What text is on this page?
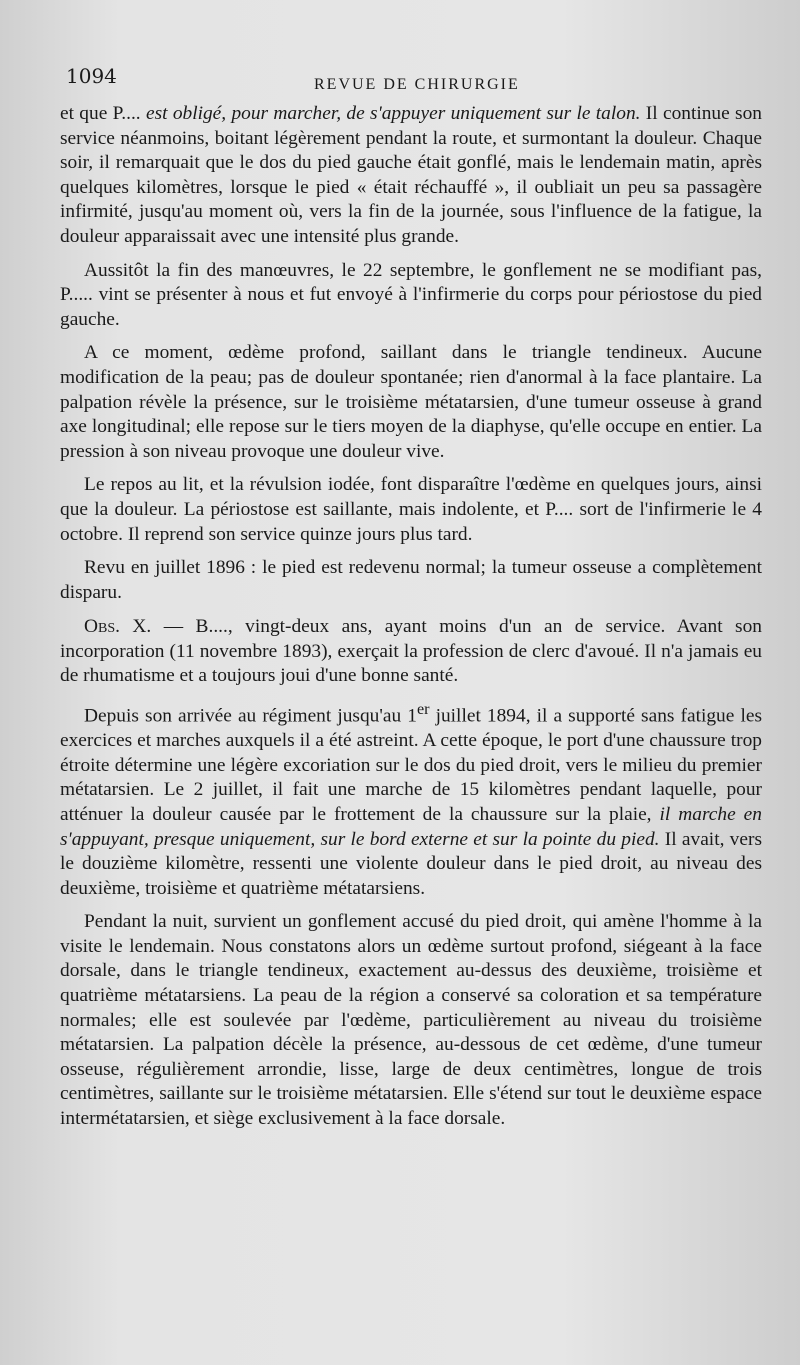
1094	REVUE DE CHIRURGIE

et que P.... est obligé, pour marcher, de s'appuyer uniquement sur le talon. Il continue son service néanmoins, boitant légèrement pendant la route, et surmontant la douleur. Chaque soir, il remarquait que le dos du pied gauche était gonflé, mais le lendemain matin, après quelques kilomètres, lorsque le pied « était réchauffé », il oubliait un peu sa passagère infirmité, jusqu'au moment où, vers la fin de la journée, sous l'influence de la fatigue, la douleur apparaissait avec une intensité plus grande.

Aussitôt la fin des manœuvres, le 22 septembre, le gonflement ne se modifiant pas, P..... vint se présenter à nous et fut envoyé à l'infirmerie du corps pour périostose du pied gauche.

A ce moment, œdème profond, saillant dans le triangle tendineux. Aucune modification de la peau; pas de douleur spontanée; rien d'anormal à la face plantaire. La palpation révèle la présence, sur le troisième métatarsien, d'une tumeur osseuse à grand axe longitudinal; elle repose sur le tiers moyen de la diaphyse, qu'elle occupe en entier. La pression à son niveau provoque une douleur vive.

Le repos au lit, et la révulsion iodée, font disparaître l'œdème en quelques jours, ainsi que la douleur. La périostose est saillante, mais indolente, et P.... sort de l'infirmerie le 4 octobre. Il reprend son service quinze jours plus tard.

Revu en juillet 1896 : le pied est redevenu normal; la tumeur osseuse a complètement disparu.

Obs. X. — B...., vingt-deux ans, ayant moins d'un an de service. Avant son incorporation (11 novembre 1893), exerçait la profession de clerc d'avoué. Il n'a jamais eu de rhumatisme et a toujours joui d'une bonne santé.

Depuis son arrivée au régiment jusqu'au 1er juillet 1894, il a supporté sans fatigue les exercices et marches auxquels il a été astreint. A cette époque, le port d'une chaussure trop étroite détermine une légère excoriation sur le dos du pied droit, vers le milieu du premier métatarsien. Le 2 juillet, il fait une marche de 15 kilomètres pendant laquelle, pour atténuer la douleur causée par le frottement de la chaussure sur la plaie, il marche en s'appuyant, presque uniquement, sur le bord externe et sur la pointe du pied. Il avait, vers le douzième kilomètre, ressenti une violente douleur dans le pied droit, au niveau des deuxième, troisième et quatrième métatarsiens.

Pendant la nuit, survient un gonflement accusé du pied droit, qui amène l'homme à la visite le lendemain. Nous constatons alors un œdème surtout profond, siégeant à la face dorsale, dans le triangle tendineux, exactement au-dessus des deuxième, troisième et quatrième métatarsiens. La peau de la région a conservé sa coloration et sa température normales; elle est soulevée par l'œdème, particulièrement au niveau du troisième métatarsien. La palpation décèle la présence, au-dessous de cet œdème, d'une tumeur osseuse, régulièrement arrondie, lisse, large de deux centimètres, longue de trois centimètres, saillante sur le troisième métatarsien. Elle s'étend sur tout le deuxième espace intermétatarsien, et siège exclusivement à la face dorsale.
